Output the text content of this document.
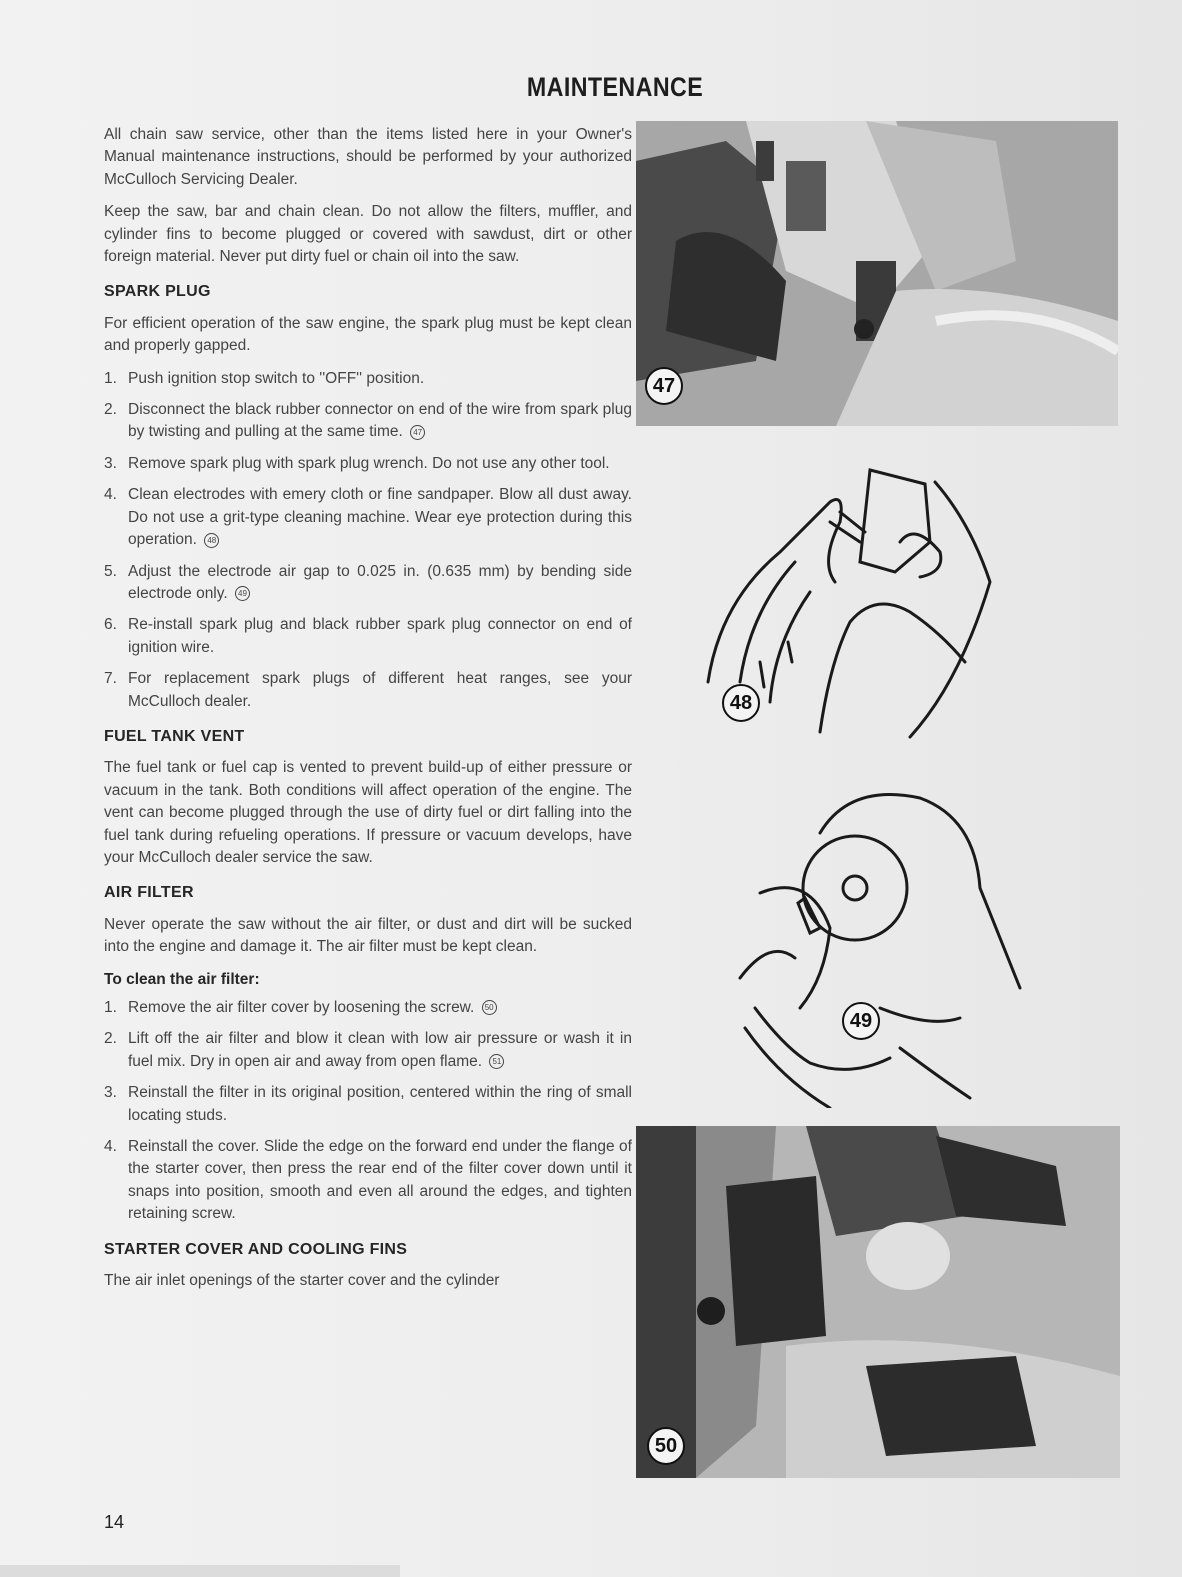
MAINTENANCE

All chain saw service, other than the items listed here in your Owner's Manual maintenance instructions, should be performed by your authorized McCulloch Servicing Dealer.

Keep the saw, bar and chain clean. Do not allow the filters, muffler, and cylinder fins to become plugged or covered with sawdust, dirt or other foreign material. Never put dirty fuel or chain oil into the saw.

SPARK PLUG

For efficient operation of the saw engine, the spark plug must be kept clean and properly gapped.

1. Push ignition stop switch to ''OFF'' position.
2. Disconnect the black rubber connector on end of the wire from spark plug by twisting and pulling at the same time. 47
3. Remove spark plug with spark plug wrench. Do not use any other tool.
4. Clean electrodes with emery cloth or fine sandpaper. Blow all dust away. Do not use a grit-type cleaning machine. Wear eye protection during this operation. 48
5. Adjust the electrode air gap to 0.025 in. (0.635 mm) by bending side electrode only. 49
6. Re-install spark plug and black rubber spark plug connector on end of ignition wire.
7. For replacement spark plugs of different heat ranges, see your McCulloch dealer.
FUEL TANK VENT

The fuel tank or fuel cap is vented to prevent build-up of either pressure or vacuum in the tank. Both conditions will affect operation of the engine. The vent can become plugged through the use of dirty fuel or dirt falling into the fuel tank during refueling operations. If pressure or vacuum develops, have your McCulloch dealer service the saw.

AIR FILTER

Never operate the saw without the air filter, or dust and dirt will be sucked into the engine and damage it. The air filter must be kept clean.

To clean the air filter:
1. Remove the air filter cover by loosening the screw. 50
2. Lift off the air filter and blow it clean with low air pressure or wash it in fuel mix. Dry in open air and away from open flame. 51
3. Reinstall the filter in its original position, centered within the ring of small locating studs.
4. Reinstall the cover. Slide the edge on the forward end under the flange of the starter cover, then press the rear end of the filter cover down until it snaps into position, smooth and even all around the edges, and tighten retaining screw.
STARTER COVER AND COOLING FINS

The air inlet openings of the starter cover and the cylinder

47
48
49
50
14
